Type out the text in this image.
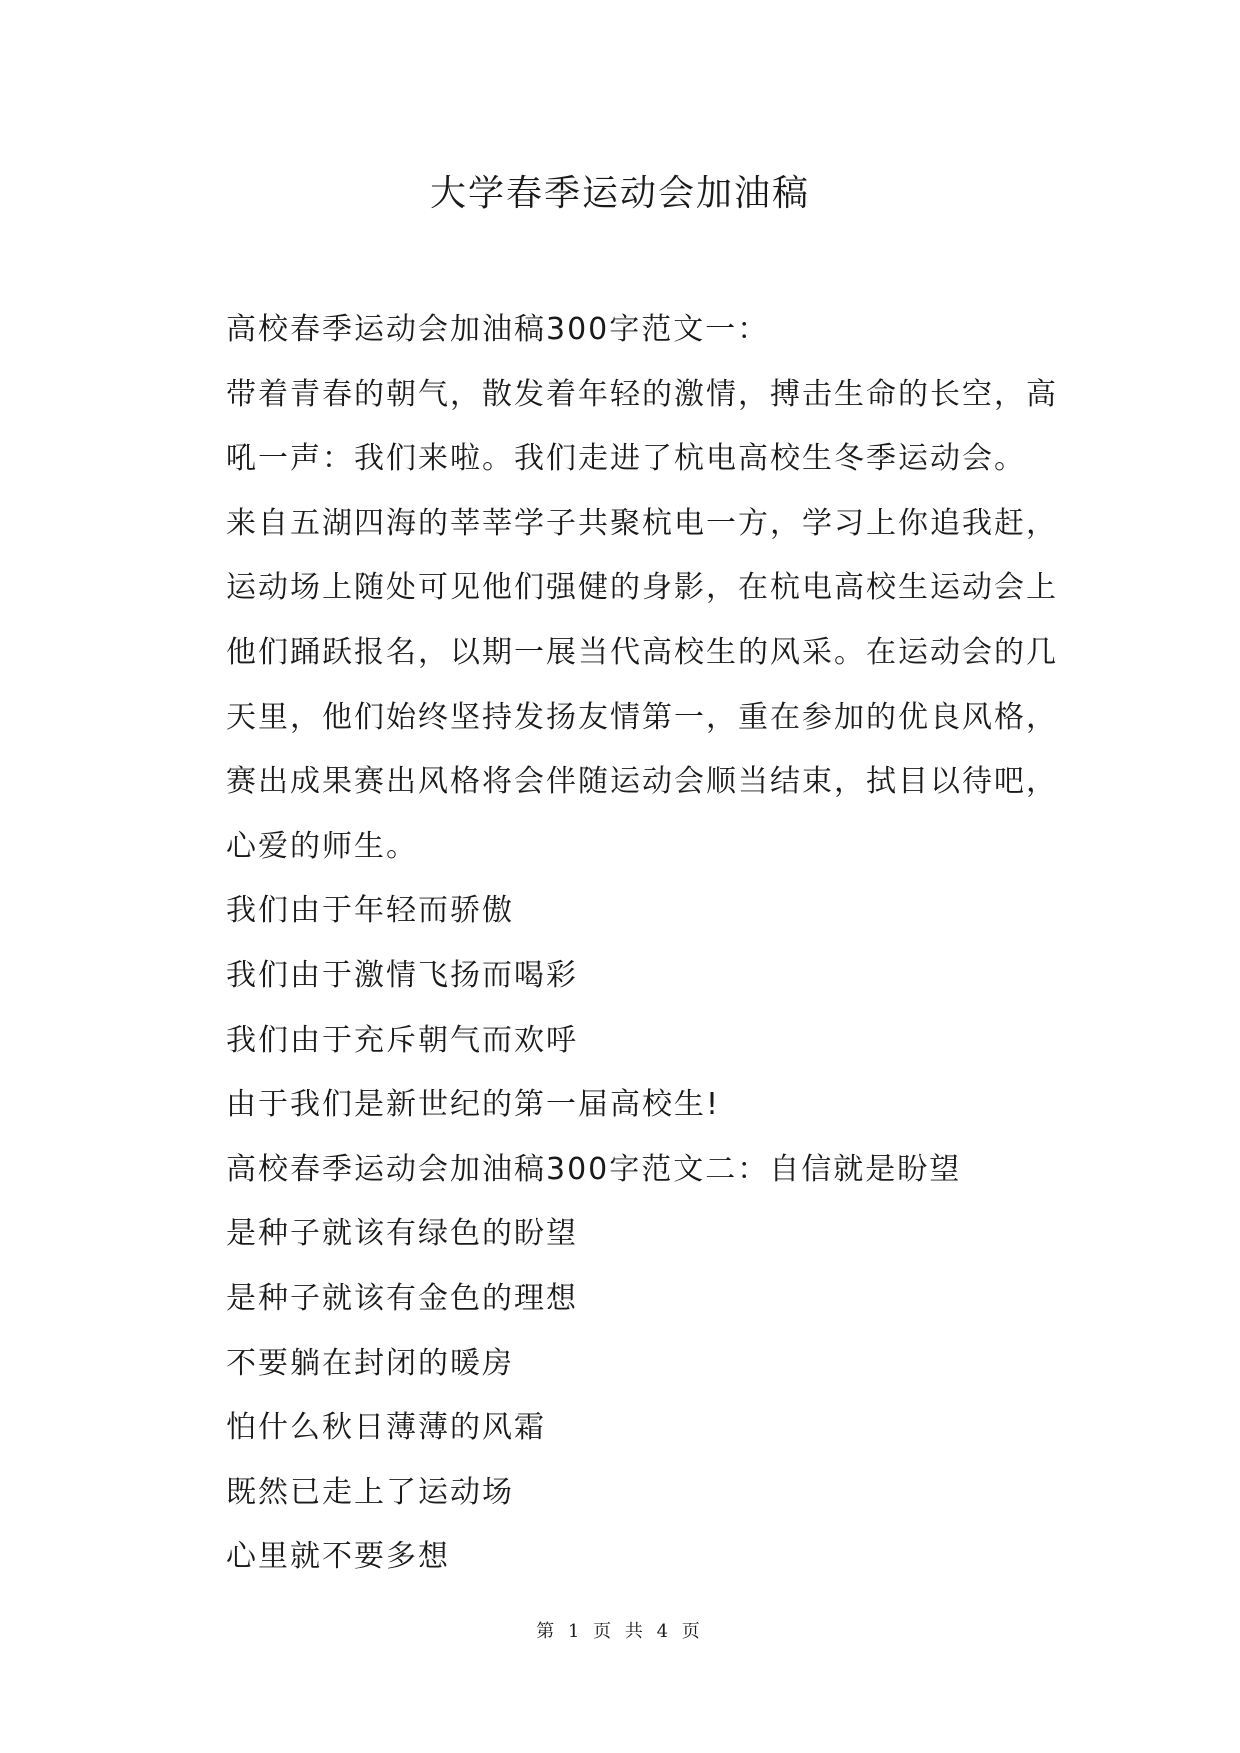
大学春季运动会加油稿

高校春季运动会加油稿300字范文一：

带着青春的朝气，散发着年轻的激情，搏击生命的长空，高

吼一声：我们来啦。我们走进了杭电高校生冬季运动会。

来自五湖四海的莘莘学子共聚杭电一方，学习上你追我赶，

运动场上随处可见他们强健的身影，在杭电高校生运动会上

他们踊跃报名，以期一展当代高校生的风采。在运动会的几

天里，他们始终坚持发扬友情第一，重在参加的优良风格，

赛出成果赛出风格将会伴随运动会顺当结束，拭目以待吧，

心爱的师生。

我们由于年轻而骄傲

我们由于激情飞扬而喝彩

我们由于充斥朝气而欢呼

由于我们是新世纪的第一届高校生!

高校春季运动会加油稿300字范文二：自信就是盼望

是种子就该有绿色的盼望

是种子就该有金色的理想

不要躺在封闭的暖房

怕什么秋日薄薄的风霜

既然已走上了运动场

心里就不要多想

第 1 页 共 4 页
